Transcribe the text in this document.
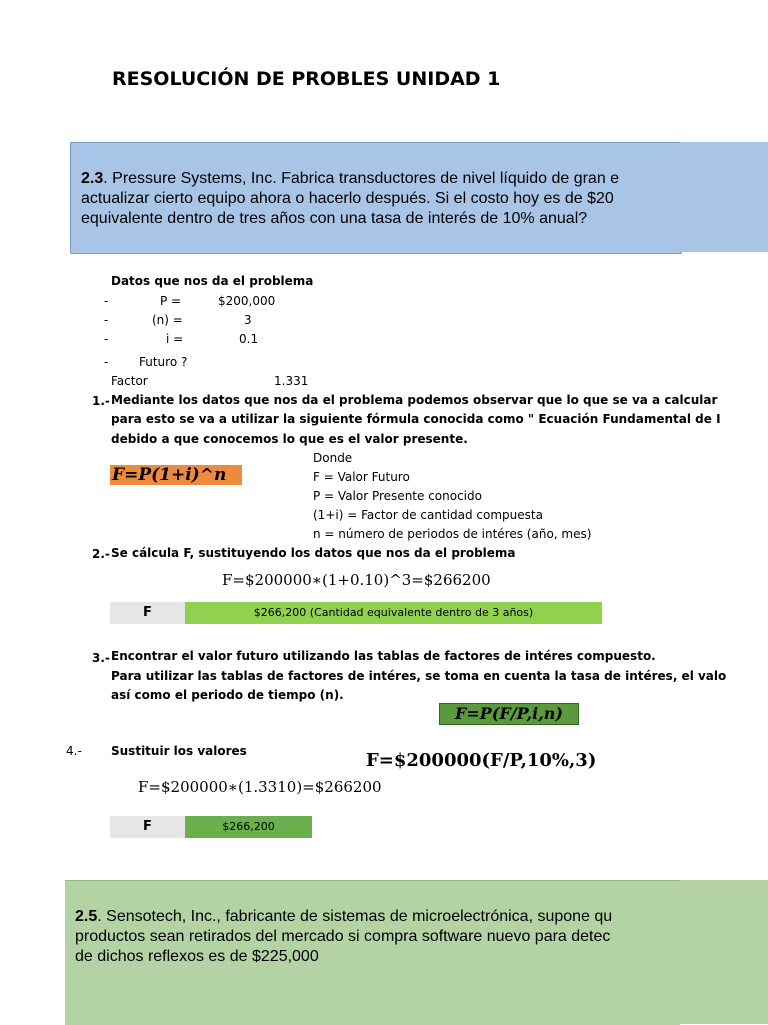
RESOLUCIÓN DE PROBLES UNIDAD 1
2.3. Pressure Systems, Inc. Fabrica transductores de nivel líquido de gran e
actualizar cierto equipo ahora o hacerlo después. Si el costo hoy es de $20
equivalente dentro de tres años con una tasa de interés de 10% anual?
Datos que nos da el problema
-	P =	$200,000
-	(n) =	3
-	i =	0.1
-	Futuro ?
Factor	1.331
1.- Mediante los datos que nos da el problema podemos observar que lo que se va a calcular
para esto se va a utilizar la siguiente fórmula conocida como " Ecuación Fundamental de I
debido a que conocemos lo que es el valor presente.
F=P(1+i)^n
Donde
F = Valor Futuro
P = Valor Presente conocido
(1+i) = Factor de cantidad compuesta
n = número de periodos de intéres (año, mes)
2.- Se cálcula F, sustituyendo los datos que nos da el problema
F=$200000∗(1+0.10)^3=$266200
F	$266,200 (Cantidad equivalente dentro de 3 años)
3.- Encontrar el valor futuro utilizando las tablas de factores de intéres compuesto.
Para utilizar las tablas de factores de intéres, se toma en cuenta la tasa de intéres, el valo
así como el periodo de tiempo (n).
F=P(F/P,i,n)
4.- Sustituir los valores	F=$200000(F/P,10%,3)
F=$200000∗(1.3310)=$266200
F	$266,200
2.5. Sensotech, Inc., fabricante de sistemas de microelectrónica, supone qu
productos sean retirados del mercado si compra software nuevo para detec
de dichos reflexos es de $225,000
